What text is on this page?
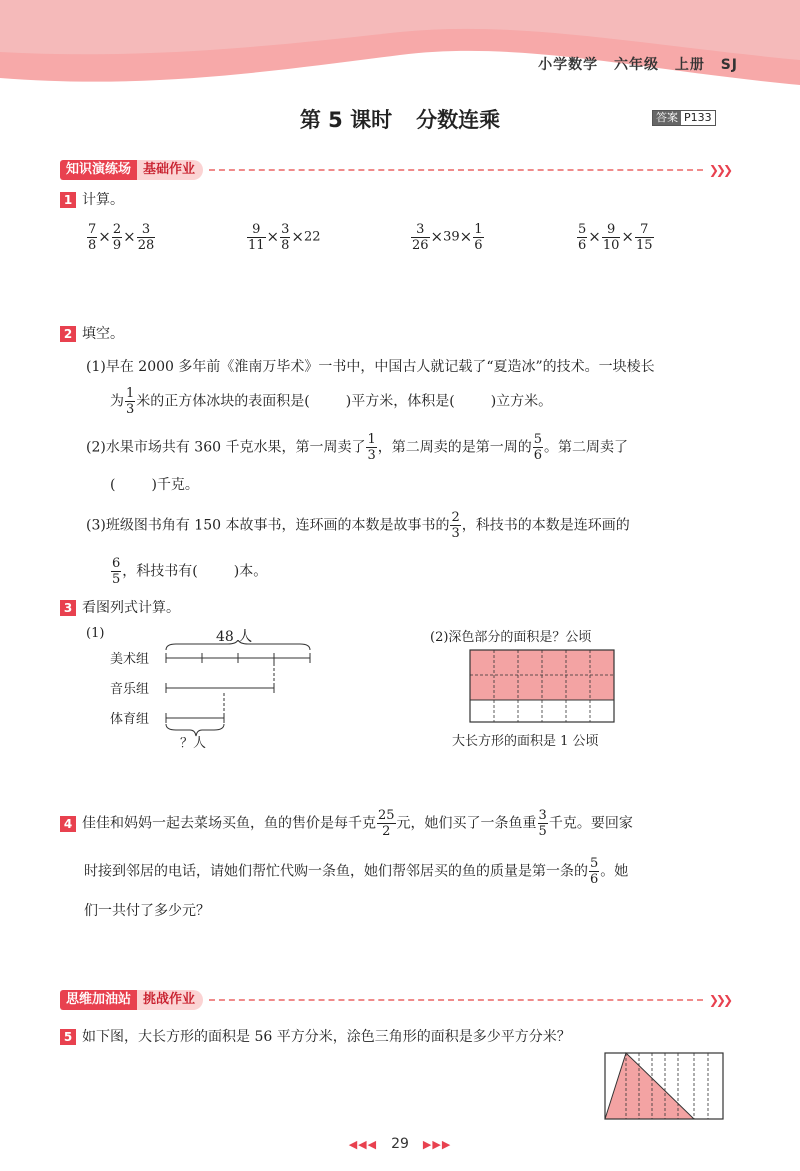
小学数学 六年级 上册 SJ
第 5 课时 分数连乘	答案 P133
知识演练场 基础作业	❯❯❯
1 计算。
$\frac{7}{8} \times \frac{2}{9} \times \frac{3}{28}$	$\frac{9}{11} \times \frac{3}{8} \times 22$	$\frac{3}{26} \times 39\times \frac{1}{6}$	$\frac{5}{6} \times \frac{9}{10} \times \frac{7}{15}$
2 填空。
(1)早在 2000 多年前《淮南万毕术》一书中，中国古人就记载了“夏造冰”的技术。一块棱长
为 $\frac{1}{3}$ 米的正方体冰块的表面积是(	)平方米，体积是(	)立方米。
(2)水果市场共有 360 千克水果，第一周卖了 $\frac{1}{3}$ ，第二周卖的是第一周的 $\frac{5}{6}$ 。第二周卖了
(	)千克。
(3)班级图书角有 150 本故事书，连环画的本数是故事书的 $\frac{2}{3}$ ，科技书的本数是连环画的
$\frac{6}{5}$ ，科技书有(	)本。
3 看图列式计算。
(1)	48 人
美术组
音乐组
体育组
？人
(2)深色部分的面积是？公顷
大长方形的面积是 1 公顷
4 佳佳和妈妈一起去菜场买鱼，鱼的售价是每千克 $\frac{25}{2}$ 元，她们买了一条鱼重 $\frac{3}{5}$ 千克。要回家
时接到邻居的电话，请她们帮忙代购一条鱼，她们帮邻居买的鱼的质量是第一条的 $\frac{5}{6}$ 。她
们一共付了多少元？
思维加油站 挑战作业	❯❯❯
5 如下图，大长方形的面积是 56 平方分米，涂色三角形的面积是多少平方分米？
◀◀◀ 29 ▶▶▶
